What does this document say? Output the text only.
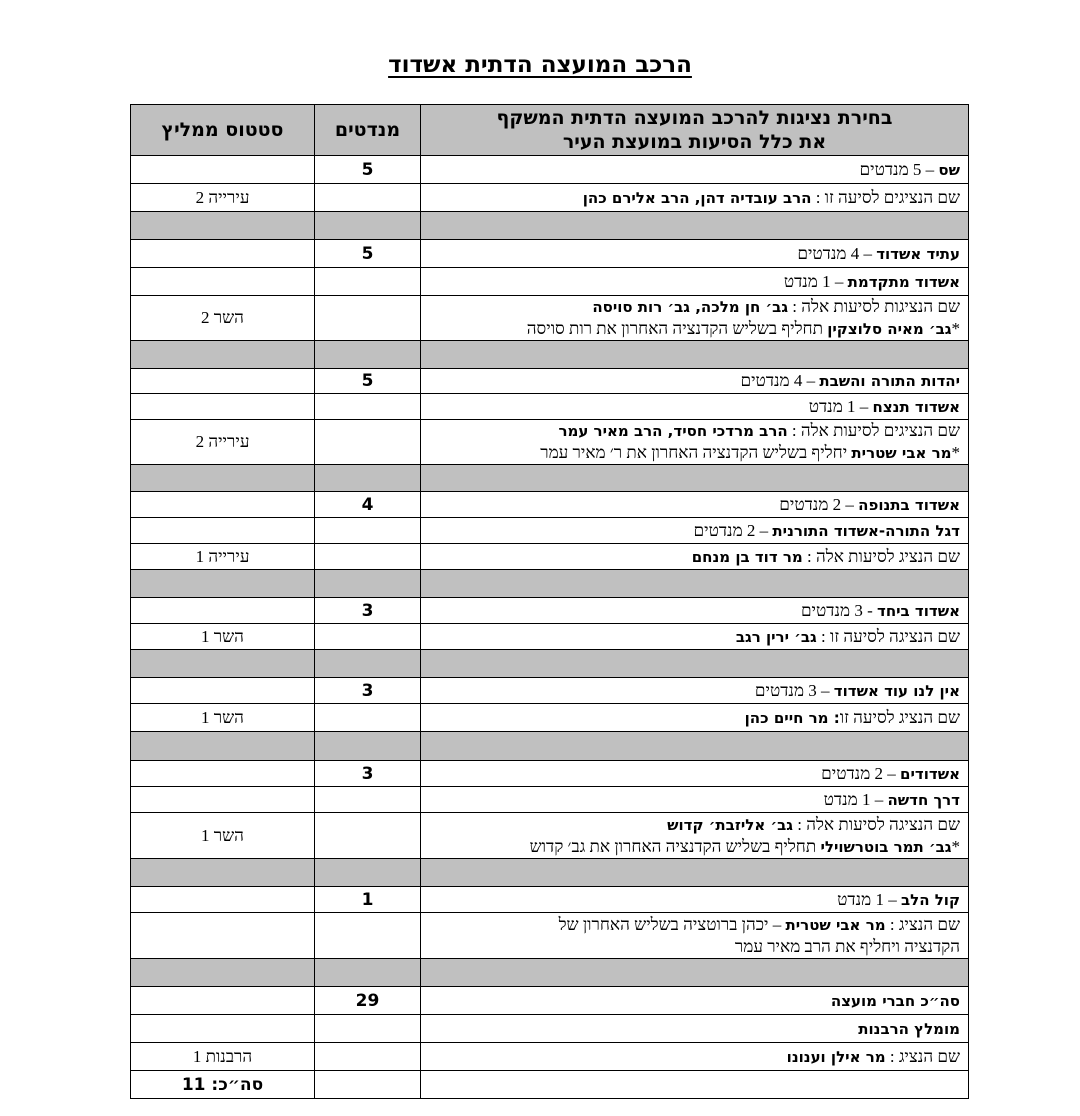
הרכב המועצה הדתית אשדוד
בחירת נציגות להרכב המועצה הדתית המשקף
את כלל הסיעות במועצת העיר	מנדטים	סטטוס ממליץ
שס – 5 מנדטים	5	

שם הנציגים לסיעה זו : הרב עובדיה דהן, הרב אלירם כהן		עירייה 2

עתיד אשדוד – 4 מנדטים	5	
אשדוד מתקדמת – 1 מנדט		

שם הנציגות לסיעות אלה : גב׳ חן מלכה, גב׳ רות סויסה
*גב׳ מאיה סלוצקין תחליף בשליש הקדנציה האחרון את רות סויסה		השר 2

יהדות התורה והשבת – 4 מנדטים	5	
אשדוד תנצח – 1 מנדט		

שם הנציגים לסיעות אלה : הרב מרדכי חסיד, הרב מאיר עמר
*מר אבי שטרית יחליף בשליש הקדנציה האחרון את ר׳ מאיר עמר		עירייה 2

אשדוד בתנופה – 2 מנדטים	4	
דגל התורה-אשדוד התורנית – 2 מנדטים		

שם הנציג לסיעות אלה : מר דוד בן מנחם		עירייה 1

אשדוד ביחד - 3 מנדטים	3	

שם הנציגה לסיעה זו : גב׳ ירין רגב		השר 1

אין לנו עוד אשדוד – 3 מנדטים	3	

שם הנציג לסיעה זו: מר חיים כהן		השר 1

אשדודים – 2 מנדטים	3	
דרך חדשה – 1 מנדט		

שם הנציגה לסיעות אלה : גב׳ אליזבת׳ קדוש
*גב׳ תמר בוטרשוילי תחליף בשליש הקדנציה האחרון את גב׳ קדוש		השר 1

קול הלב – 1 מנדט	1	

שם הנציג : מר אבי שטרית – יכהן ברוטציה בשליש האחרון של
הקדנציה ויחליף את הרב מאיר עמר		

סה״כ חברי מועצה	29	
מומלץ הרבנות		

שם הנציג : מר אילן וענונו		הרבנות 1
		סה״כ: 11
